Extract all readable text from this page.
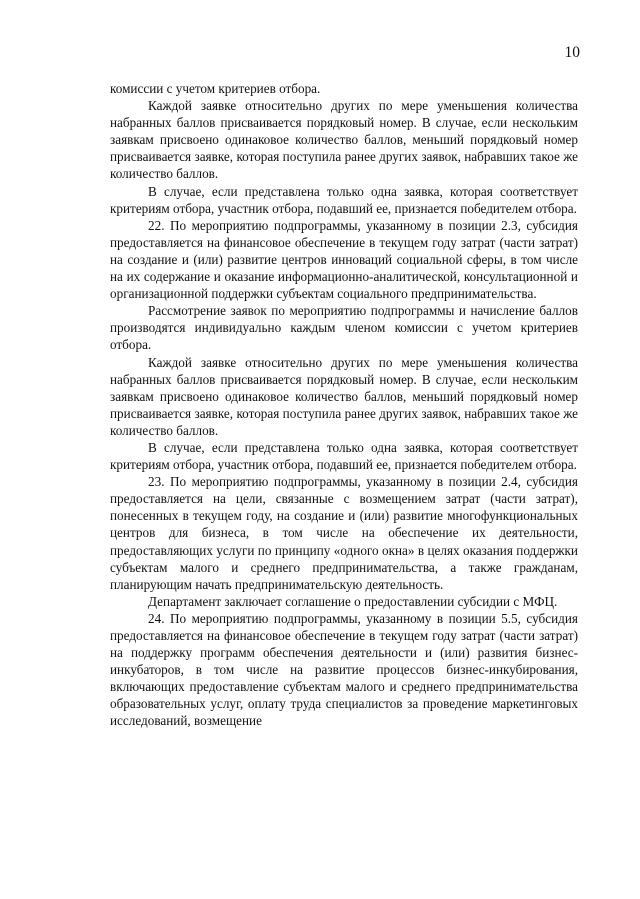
10

комиссии с учетом критериев отбора.

Каждой заявке относительно других по мере уменьшения количества набранных баллов присваивается порядковый номер. В случае, если нескольким заявкам присвоено одинаковое количество баллов, меньший порядковый номер присваивается заявке, которая поступила ранее других заявок, набравших такое же количество баллов.

В случае, если представлена только одна заявка, которая соответствует критериям отбора, участник отбора, подавший ее, признается победителем отбора.

22. По мероприятию подпрограммы, указанному в позиции 2.3, субсидия предоставляется на финансовое обеспечение в текущем году затрат (части затрат) на создание и (или) развитие центров инноваций социальной сферы, в том числе на их содержание и оказание информационно-аналитической, консультационной и организационной поддержки субъектам социального предпринимательства.

Рассмотрение заявок по мероприятию подпрограммы и начисление баллов производятся индивидуально каждым членом комиссии с учетом критериев отбора.

Каждой заявке относительно других по мере уменьшения количества набранных баллов присваивается порядковый номер. В случае, если нескольким заявкам присвоено одинаковое количество баллов, меньший порядковый номер присваивается заявке, которая поступила ранее других заявок, набравших такое же количество баллов.

В случае, если представлена только одна заявка, которая соответствует критериям отбора, участник отбора, подавший ее, признается победителем отбора.

23. По мероприятию подпрограммы, указанному в позиции 2.4, субсидия предоставляется на цели, связанные с возмещением затрат (части затрат), понесенных в текущем году, на создание и (или) развитие многофункциональных центров для бизнеса, в том числе на обеспечение их деятельности, предоставляющих услуги по принципу «одного окна» в целях оказания поддержки субъектам малого и среднего предпринимательства, а также гражданам, планирующим начать предпринимательскую деятельность.

Департамент заключает соглашение о предоставлении субсидии с МФЦ.

24. По мероприятию подпрограммы, указанному в позиции 5.5, субсидия предоставляется на финансовое обеспечение в текущем году затрат (части затрат) на поддержку программ обеспечения деятельности и (или) развития бизнес-инкубаторов, в том числе на развитие процессов бизнес-инкубирования, включающих предоставление субъектам малого и среднего предпринимательства образовательных услуг, оплату труда специалистов за проведение маркетинговых исследований, возмещение
